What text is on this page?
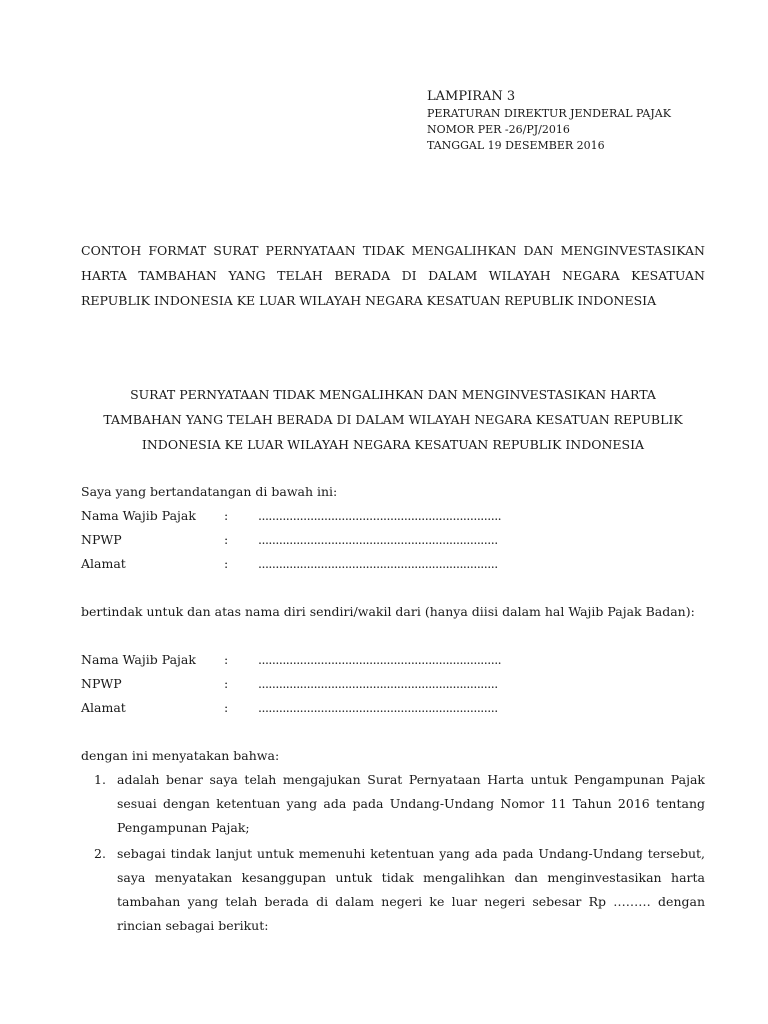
LAMPIRAN 3
PERATURAN DIREKTUR JENDERAL PAJAK
NOMOR PER -26/PJ/2016
TANGGAL 19 DESEMBER 2016
CONTOH FORMAT SURAT PERNYATAAN TIDAK MENGALIHKAN DAN MENGINVESTASIKAN HARTA TAMBAHAN YANG TELAH BERADA DI DALAM WILAYAH NEGARA KESATUAN REPUBLIK INDONESIA KE LUAR WILAYAH NEGARA KESATUAN REPUBLIK INDONESIA
SURAT PERNYATAAN TIDAK MENGALIHKAN DAN MENGINVESTASIKAN HARTA
TAMBAHAN YANG TELAH BERADA DI DALAM WILAYAH NEGARA KESATUAN REPUBLIK
INDONESIA KE LUAR WILAYAH NEGARA KESATUAN REPUBLIK INDONESIA
Saya yang bertandatangan di bawah ini:
Nama Wajib Pajak : ......................................................................
NPWP	: .....................................................................
Alamat	: .....................................................................
bertindak untuk dan atas nama diri sendiri/wakil dari (hanya diisi dalam hal Wajib Pajak Badan):
Nama Wajib Pajak : ......................................................................
NPWP	: .....................................................................
Alamat	: .....................................................................
dengan ini menyatakan bahwa:
1. adalah benar saya telah mengajukan Surat Pernyataan Harta untuk Pengampunan Pajak sesuai dengan ketentuan yang ada pada Undang-Undang Nomor 11 Tahun 2016 tentang Pengampunan Pajak;
2. sebagai tindak lanjut untuk memenuhi ketentuan yang ada pada Undang-Undang tersebut, saya menyatakan kesanggupan untuk tidak mengalihkan dan menginvestasikan harta tambahan yang telah berada di dalam negeri ke luar negeri sebesar Rp ……… dengan rincian sebagai berikut:
